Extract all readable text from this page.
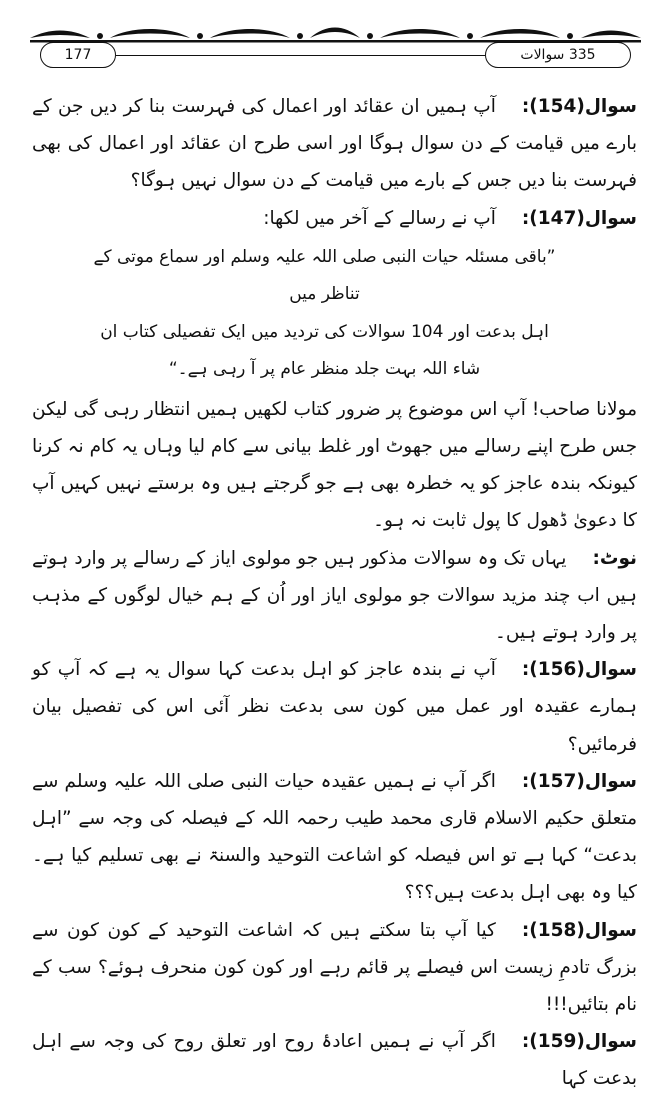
177	335 سوالات

سوال(154):آپ ہمیں ان عقائد اور اعمال کی فہرست بنا کر دیں جن کے بارے میں قیامت کے دن سوال ہوگا اور اسی طرح ان عقائد اور اعمال کی بھی فہرست بنا دیں جس کے بارے میں قیامت کے دن سوال نہیں ہوگا؟

سوال(147):آپ نے رسالے کے آخر میں لکھا:

”باقی مسئلہ حیات النبی صلی اللہ علیہ وسلم اور سماع موتی کے تناظر میں
اہل بدعت اور 104 سوالات کی تردید میں ایک تفصیلی کتاب ان
شاء اللہ بہت جلد منظر عام پر آ رہی ہے۔“

مولانا صاحب! آپ اس موضوع پر ضرور کتاب لکھیں ہمیں انتظار رہی گی لیکن جس طرح اپنے رسالے میں جھوٹ اور غلط بیانی سے کام لیا وہاں یہ کام نہ کرنا کیونکہ بندہ عاجز کو یہ خطرہ بھی ہے جو گرجتے ہیں وہ برستے نہیں کہیں آپ کا دعویٰ ڈھول کا پول ثابت نہ ہو۔

نوٹ:یہاں تک وہ سوالات مذکور ہیں جو مولوی ایاز کے رسالے پر وارد ہوتے ہیں اب چند مزید سوالات جو مولوی ایاز اور اُن کے ہم خیال لوگوں کے مذہب پر وارد ہوتے ہیں۔

سوال(156):آپ نے بندہ عاجز کو اہل بدعت کہا سوال یہ ہے کہ آپ کو ہمارے عقیدہ اور عمل میں کون سی بدعت نظر آئی اس کی تفصیل بیان فرمائیں؟

سوال(157):اگر آپ نے ہمیں عقیدہ حیات النبی صلی اللہ علیہ وسلم سے متعلق حکیم الاسلام قاری محمد طیب رحمہ اللہ کے فیصلہ کی وجہ سے ”اہل بدعت“ کہا ہے تو اس فیصلہ کو اشاعت التوحید والسنۃ نے بھی تسلیم کیا ہے۔ کیا وہ بھی اہل بدعت ہیں؟؟؟

سوال(158):کیا آپ بتا سکتے ہیں کہ اشاعت التوحید کے کون کون سے بزرگ تادمِ زیست اس فیصلے پر قائم رہے اور کون کون منحرف ہوئے؟ سب کے نام بتائیں!!!

سوال(159):اگر آپ نے ہمیں اعادۂ روح اور تعلق روح کی وجہ سے اہل بدعت کہا
